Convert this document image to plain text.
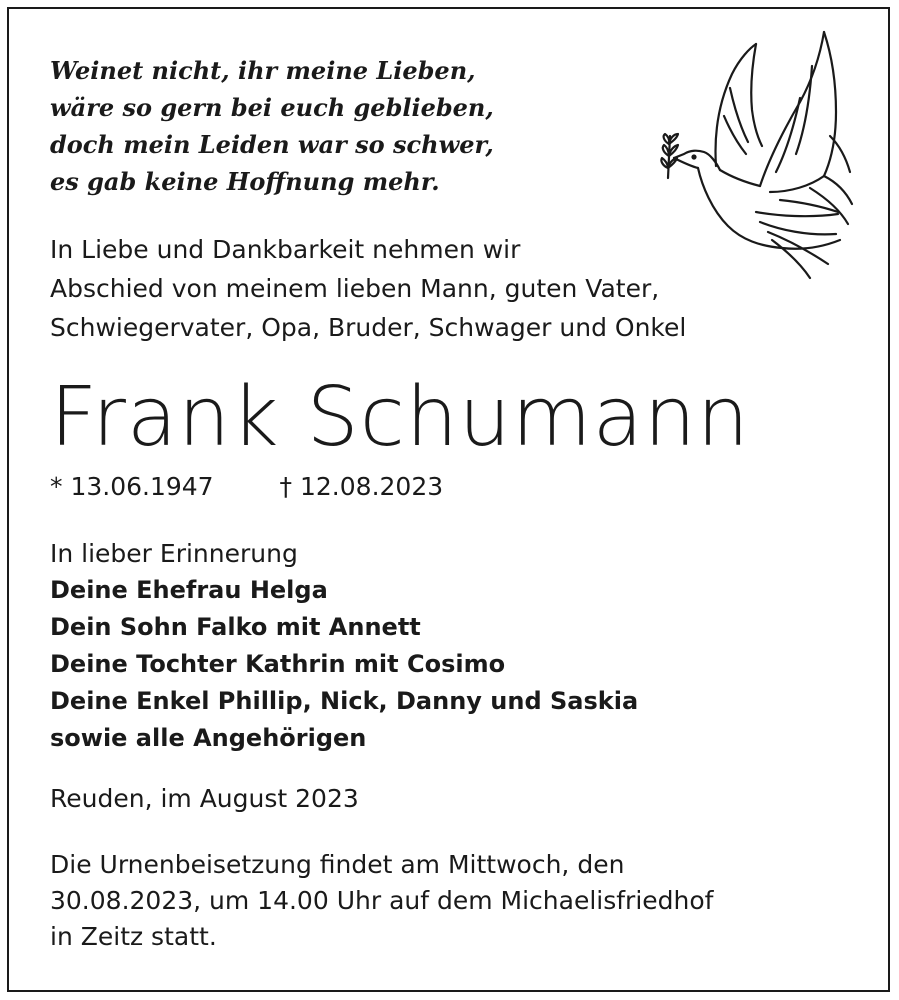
Weinet nicht, ihr meine Lieben,
wäre so gern bei euch geblieben,
doch mein Leiden war so schwer,
es gab keine Hoffnung mehr.
In Liebe und Dankbarkeit nehmen wir
Abschied von meinem lieben Mann, guten Vater,
Schwiegervater, Opa, Bruder, Schwager und Onkel
Frank Schumann
* 13.06.1947	† 12.08.2023
In lieber Erinnerung
Deine Ehefrau Helga
Dein Sohn Falko mit Annett
Deine Tochter Kathrin mit Cosimo
Deine Enkel Phillip, Nick, Danny und Saskia
sowie alle Angehörigen
Reuden, im August 2023
Die Urnenbeisetzung findet am Mittwoch, den
30.08.2023, um 14.00 Uhr auf dem Michaelisfriedhof
in Zeitz statt.
